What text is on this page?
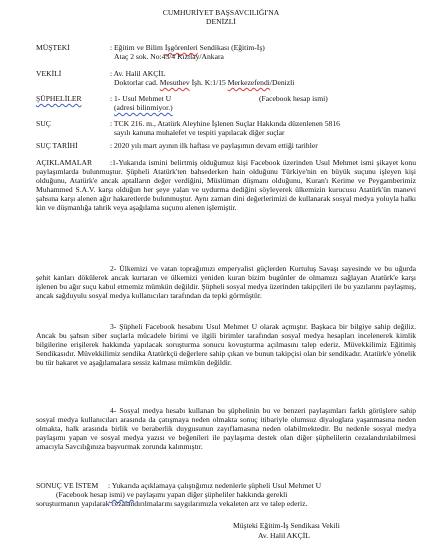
CUMHURİYET BAŞSAVCILIĞI'NA
DENİZLİ
MÜŞTEKİ	: Eğitim ve Bilim İşgörenleri Sendikası (Eğitim-İş)
Ataç 2 sok. No:43/4 Kızılay/Ankara
VEKİLİ	: Av. Halil AKÇİL
Doktorlar cad. Mesuthev İşh. K:1/15 Merkezefendi/Denizli
ŞÜPHELİLER	: 1- Usul Mehmet U	(Facebook hesap ismi)
(adresi bilinmiyor.)
SUÇ	: TCK 216. m., Atatürk Aleyhine İşlenen Suçlar Hakkında düzenlenen 5816
sayılı kanuna muhalefet ve tespiti yapılacak diğer suçlar
SUÇ TARİHİ	: 2020 yılı mart ayının ilk haftası ve paylaşımın devam ettiği tarihler
AÇIKLAMALAR	:1-Yukarıda ismini belirtmiş olduğumuz kişi Facebook üzerinden Usul Mehmet ismi şikayet konu paylaşımlarda bulunmuştur. Şüpheli Atatürk'ten bahsederken hain olduğunu Türkiye'nin en büyük suçunu işleyen kişi olduğunu, Atatürk'e ancak aptalların değer verdiğini, Müslüman düşmanı olduğunu, Kuran'ı Kerime ve Peygamberimiz Muhammed S.A.V. karşı olduğun her şeye yalan ve uydurma dediğini söyleyerek ülkemizin kurucusu Atatürk'ün manevi şahsına karşı alenen ağır hakaretlerde bulunmuştur. Aynı zaman dini değerlerimizi de kullanarak sosyal medya yoluyla halkı kin ve düşmanlığa tahrik veya aşağılama suçunu alenen işlemiştir.
2- Ülkemizi ve vatan toprağımızı emperyalist güçlerden Kurtuluş Savaşı sayesinde ve bu uğurda şehit kanları dökülerek ancak kurtaran ve ülkemizi yeniden kuran bizim bugünler de olmamızı sağlayan Atatürk'e karşı işlenen bu ağır suçu kabul etmemiz mümkün değildir. Şüpheli sosyal medya üzerinden takipçileri ile bu yazılarını paylaşmış, ancak sağduyulu sosyal medya kullanıcıları tarafından da tepki görmüştür.
3- Şüpheli Facebook hesabını Usul Mehmet U olarak açmıştır. Başkaca bir bilgiye sahip değiliz. Ancak bu şahsın siber suçlarla mücadele birimi ve ilgili birimler tarafından sosyal medya hesapları incelenerek kimlik bilgilerine erişilerek hakkında yapılacak soruşturma sonucu kovuşturma açılmasını talep ederiz. Müvekkilimiz Eğitimiş Sendikasıdır. Müvekkilimiz sendika Atatürkçü değerlere sahip çıkan ve bunun takipçisi olan bir sendikadır. Atatürk'e yönelik bu tür hakaret ve aşağılamalara sessiz kalması mümkün değildir.
4- Sosyal medya hesabı kullanan bu şüphelinin bu ve benzeri paylaşımları farklı görüşlere sahip sosyal medya kullanıcıları arasında da çatışmaya neden olmakta sonuç itibariyle olumsuz diyaloglara yaşanmasına neden olmakta, halk arasında birlik ve beraberlik duygusunun zayıflamasına neden olabilmektedir. Bu nedenle sosyal medya paylaşımı yapan ve sosyal medya yazısı ve beğenileri ile paylaşıma destek olan diğer şüphelilerin cezalandırılabilmesi amacıyla Savcılığınıza başvurmak zorunda kalınmıştır.
SONUÇ VE İSTEM : Yukarıda açıklamaya çalıştığımız nedenlerle şüpheli Usul Mehmet U
(Facebook hesap ismi) ve paylaşımı yapan diğer şüpheliler hakkında gerekli
soruşturmanın yapılarak cezalandırılmalarını saygılarımızla vekaleten arz ve talep ederiz.
Müşteki Eğitim-İş Sendikası Vekili
Av. Halil AKÇİL
